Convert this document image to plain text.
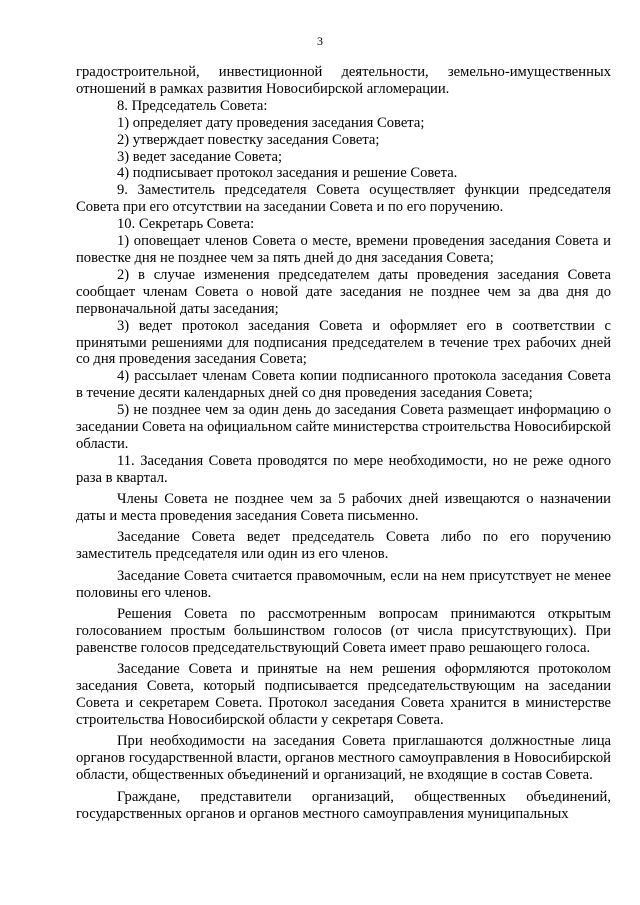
3

градостроительной, инвестиционной деятельности, земельно-имущественных отношений в рамках развития Новосибирской агломерации.

8. Председатель Совета:

1) определяет дату проведения заседания Совета;

2) утверждает повестку заседания Совета;

3) ведет заседание Совета;

4) подписывает протокол заседания и решение Совета.

9. Заместитель председателя Совета осуществляет функции председателя Совета при его отсутствии на заседании Совета и по его поручению.

10. Секретарь Совета:

1) оповещает членов Совета о месте, времени проведения заседания Совета и повестке дня не позднее чем за пять дней до дня заседания Совета;

2) в случае изменения председателем даты проведения заседания Совета сообщает членам Совета о новой дате заседания не позднее чем за два дня до первоначальной даты заседания;

3) ведет протокол заседания Совета и оформляет его в соответствии с принятыми решениями для подписания председателем в течение трех рабочих дней со дня проведения заседания Совета;

4) рассылает членам Совета копии подписанного протокола заседания Совета в течение десяти календарных дней со дня проведения заседания Совета;

5) не позднее чем за один день до заседания Совета размещает информацию о заседании Совета на официальном сайте министерства строительства Новосибирской области.

11. Заседания Совета проводятся по мере необходимости, но не реже одного раза в квартал.

Члены Совета не позднее чем за 5 рабочих дней извещаются о назначении даты и места проведения заседания Совета письменно.

Заседание Совета ведет председатель Совета либо по его поручению заместитель председателя или один из его членов.

Заседание Совета считается правомочным, если на нем присутствует не менее половины его членов.

Решения Совета по рассмотренным вопросам принимаются открытым голосованием простым большинством голосов (от числа присутствующих). При равенстве голосов председательствующий Совета имеет право решающего голоса.

Заседание Совета и принятые на нем решения оформляются протоколом заседания Совета, который подписывается председательствующим на заседании Совета и секретарем Совета. Протокол заседания Совета хранится в министерстве строительства Новосибирской области у секретаря Совета.

При необходимости на заседания Совета приглашаются должностные лица органов государственной власти, органов местного самоуправления в Новосибирской области, общественных объединений и организаций, не входящие в состав Совета.

Граждане, представители организаций, общественных объединений, государственных органов и органов местного самоуправления муниципальных
